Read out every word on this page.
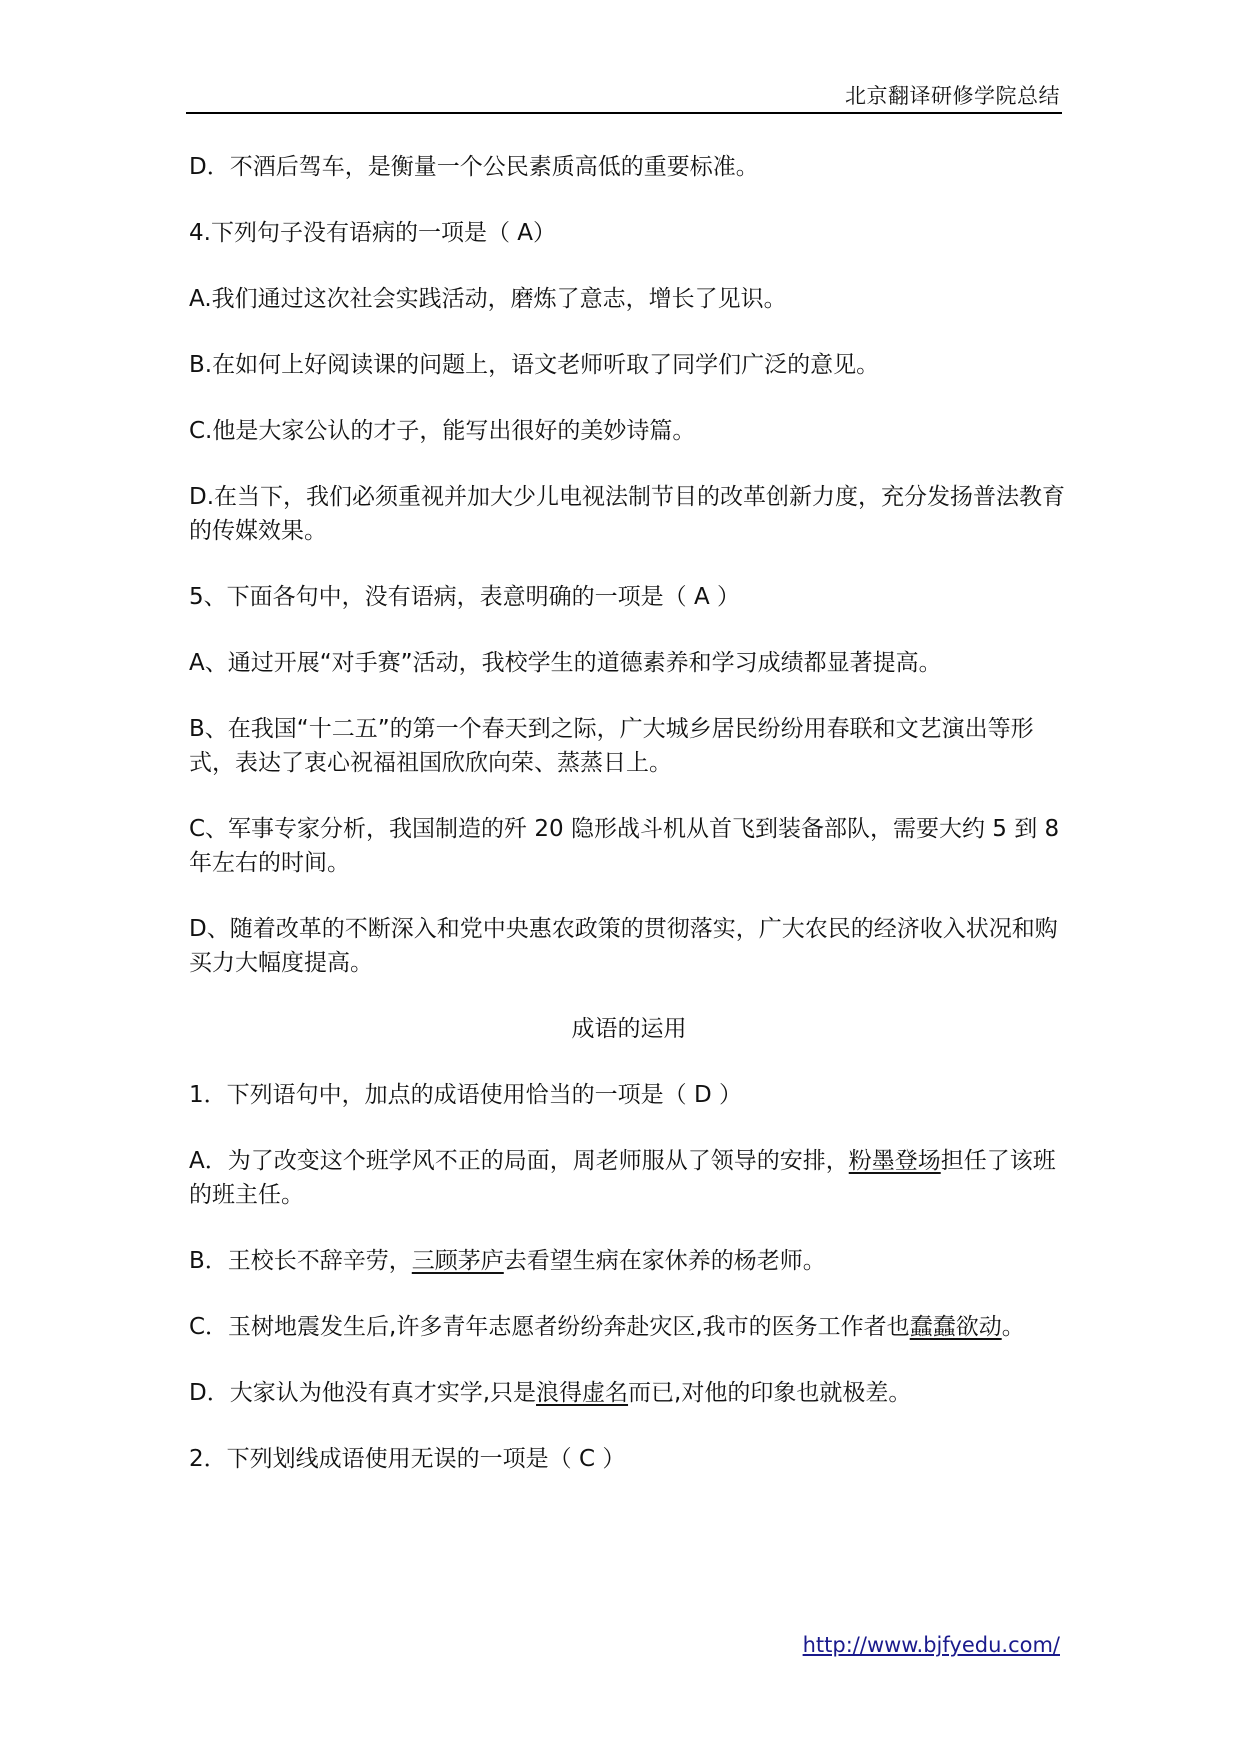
北京翻译研修学院总结

D．不酒后驾车，是衡量一个公民素质高低的重要标准。

4.下列句子没有语病的一项是（ A）

A.我们通过这次社会实践活动，磨炼了意志，增长了见识。

B.在如何上好阅读课的问题上，语文老师听取了同学们广泛的意见。

C.他是大家公认的才子，能写出很好的美妙诗篇。

D.在当下，我们必须重视并加大少儿电视法制节目的改革创新力度，充分发扬普法教育的传媒效果。

5、下面各句中，没有语病，表意明确的一项是（ A ）

A、通过开展“对手赛”活动，我校学生的道德素养和学习成绩都显著提高。

B、在我国“十二五”的第一个春天到之际，广大城乡居民纷纷用春联和文艺演出等形式，表达了衷心祝福祖国欣欣向荣、蒸蒸日上。

C、军事专家分析，我国制造的歼 20 隐形战斗机从首飞到装备部队，需要大约 5 到 8 年左右的时间。

D、随着改革的不断深入和党中央惠农政策的贯彻落实，广大农民的经济收入状况和购买力大幅度提高。

成语的运用

1．下列语句中，加点的成语使用恰当的一项是（ D ）

A．为了改变这个班学风不正的局面，周老师服从了领导的安排，粉墨登场担任了该班的班主任。

B．王校长不辞辛劳，三顾茅庐去看望生病在家休养的杨老师。

C．玉树地震发生后,许多青年志愿者纷纷奔赴灾区,我市的医务工作者也蠢蠢欲动。

D．大家认为他没有真才实学,只是浪得虚名而已,对他的印象也就极差。

2．下列划线成语使用无误的一项是（ C ）

http://www.bjfyedu.com/
